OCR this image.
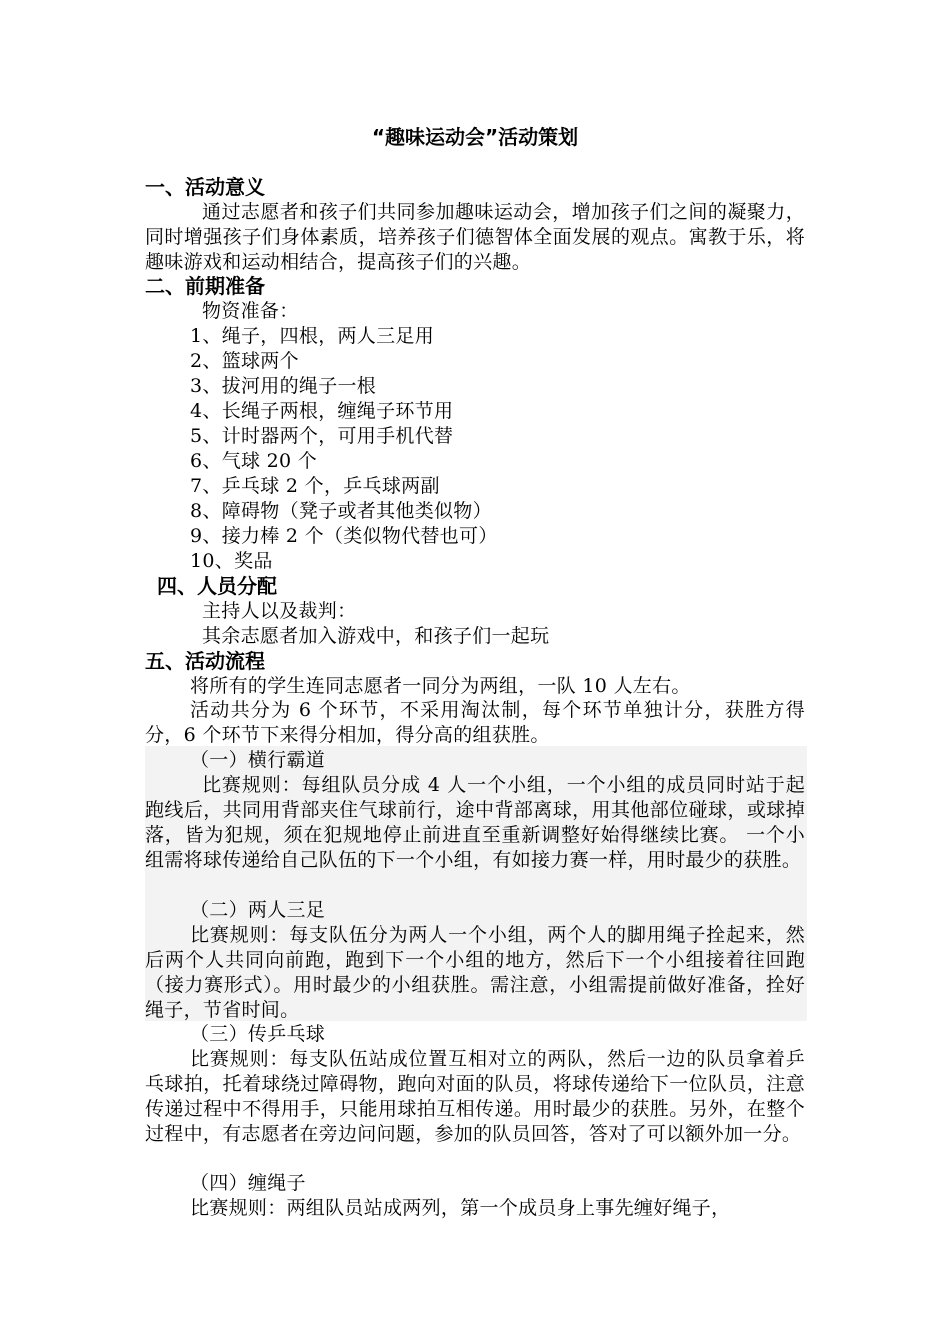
“趣味运动会”活动策划
一、活动意义
通过志愿者和孩子们共同参加趣味运动会，增加孩子们之间的凝聚力，同时增强孩子们身体素质，培养孩子们德智体全面发展的观点。寓教于乐，将趣味游戏和运动相结合，提高孩子们的兴趣。
二、前期准备
物资准备：
1、绳子，四根，两人三足用
2、篮球两个
3、拔河用的绳子一根
4、长绳子两根，缠绳子环节用
5、计时器两个，可用手机代替
6、气球 20 个
7、乒乓球 2 个，乒乓球两副
8、障碍物（凳子或者其他类似物）
9、接力棒 2 个（类似物代替也可）
10、奖品
四、人员分配
主持人以及裁判：
其余志愿者加入游戏中，和孩子们一起玩
五、活动流程
将所有的学生连同志愿者一同分为两组，一队 10 人左右。
活动共分为 6 个环节，不采用淘汰制，每个环节单独计分，获胜方得分，6 个环节下来得分相加，得分高的组获胜。
（一）横行霸道
比赛规则：每组队员分成 4 人一个小组，一个小组的成员同时站于起跑线后，共同用背部夹住气球前行，途中背部离球，用其他部位碰球，或球掉落，皆为犯规，须在犯规地停止前进直至重新调整好始得继续比赛。 一个小组需将球传递给自己队伍的下一个小组，有如接力赛一样，用时最少的获胜。
（二）两人三足
比赛规则：每支队伍分为两人一个小组，两个人的脚用绳子拴起来，然后两个人共同向前跑，跑到下一个小组的地方，然后下一个小组接着往回跑（接力赛形式）。用时最少的小组获胜。需注意，小组需提前做好准备，拴好绳子，节省时间。
（三）传乒乓球
比赛规则：每支队伍站成位置互相对立的两队，然后一边的队员拿着乒乓球拍，托着球绕过障碍物，跑向对面的队员，将球传递给下一位队员，注意传递过程中不得用手，只能用球拍互相传递。用时最少的获胜。另外，在整个过程中，有志愿者在旁边问问题，参加的队员回答，答对了可以额外加一分。
（四）缠绳子
比赛规则：两组队员站成两列，第一个成员身上事先缠好绳子，
